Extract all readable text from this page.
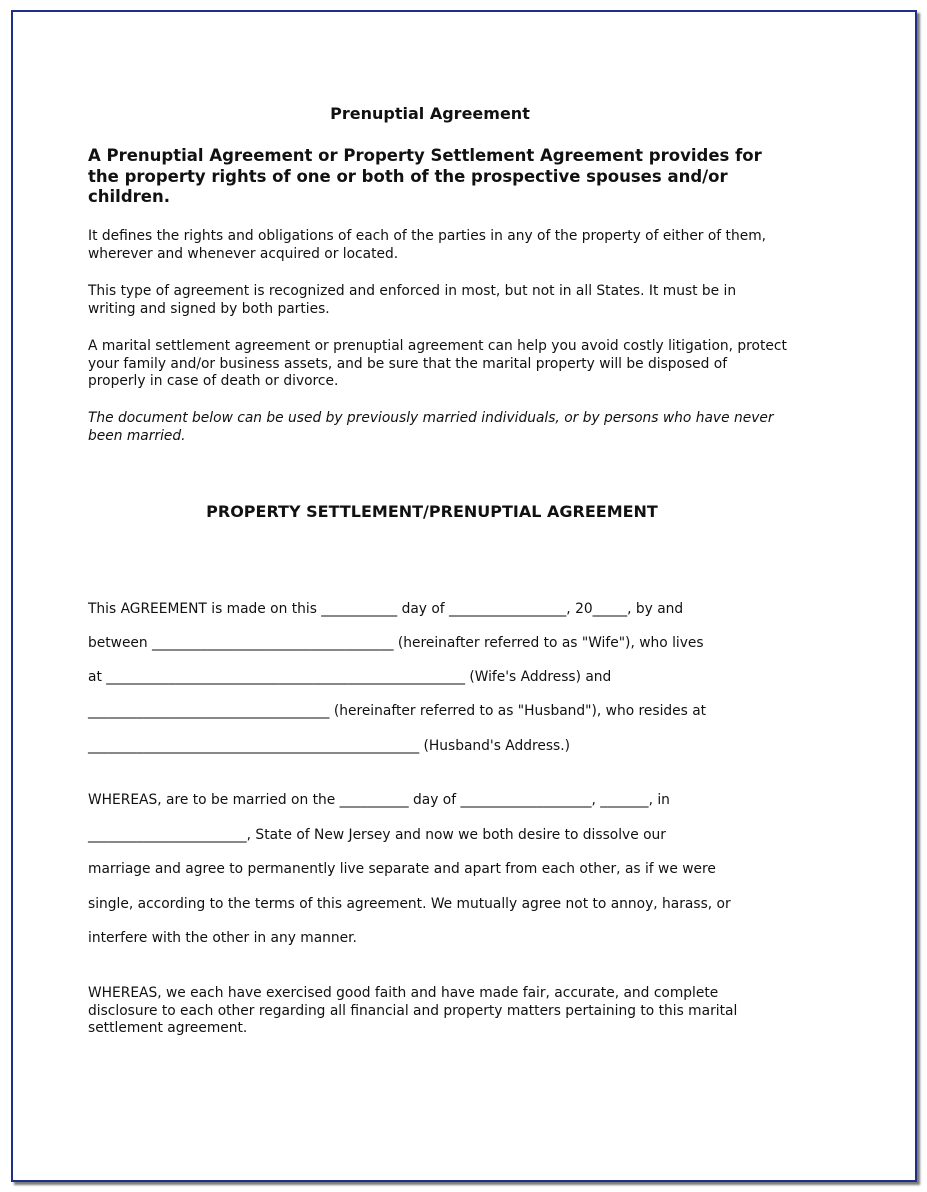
Prenuptial Agreement
A Prenuptial Agreement or Property Settlement Agreement provides for the property rights of one or both of the prospective spouses and/or children.

It defines the rights and obligations of each of the parties in any of the property of either of them, wherever and whenever acquired or located.

This type of agreement is recognized and enforced in most, but not in all States. It must be in writing and signed by both parties.

A marital settlement agreement or prenuptial agreement can help you avoid costly litigation, protect your family and/or business assets, and be sure that the marital property will be disposed of properly in case of death or divorce.

The document below can be used by previously married individuals, or by persons who have never been married.

PROPERTY SETTLEMENT/PRENUPTIAL AGREEMENT

This AGREEMENT is made on this ___________ day of _________________, 20_____, by and

between ___________________________________ (hereinafter referred to as "Wife"), who lives

at ____________________________________________________ (Wife's Address) and

___________________________________ (hereinafter referred to as "Husband"), who resides at

________________________________________________ (Husband's Address.)

WHEREAS, are to be married on the __________ day of ___________________, _______, in

_______________________, State of New Jersey and now we both desire to dissolve our

marriage and agree to permanently live separate and apart from each other, as if we were

single, according to the terms of this agreement. We mutually agree not to annoy, harass, or

interfere with the other in any manner.

WHEREAS, we each have exercised good faith and have made fair, accurate, and complete disclosure to each other regarding all financial and property matters pertaining to this marital settlement agreement.
